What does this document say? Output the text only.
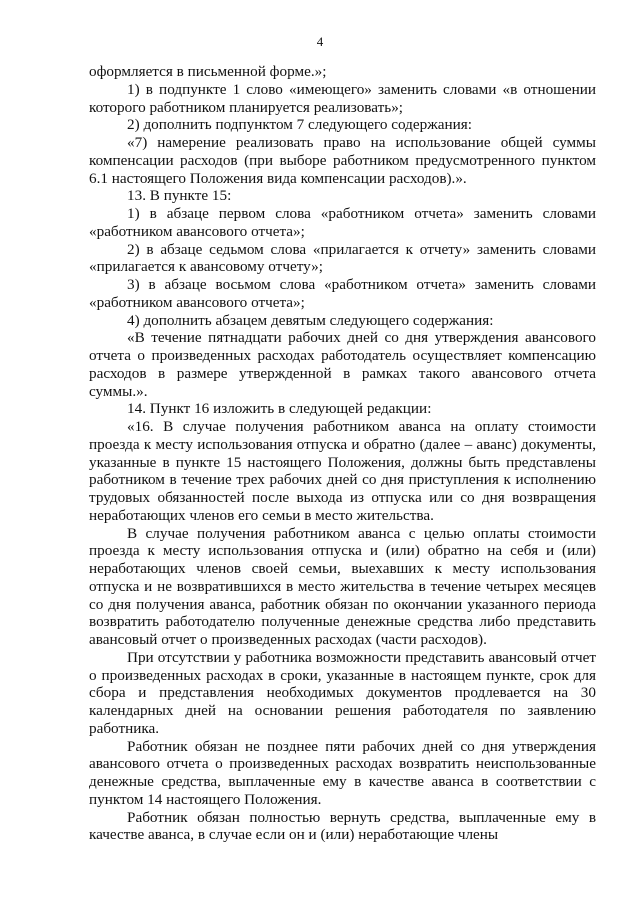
4

оформляется в письменной форме.»;

1) в подпункте 1 слово «имеющего» заменить словами «в отношении которого работником планируется реализовать»;

2) дополнить подпунктом 7 следующего содержания:

«7) намерение реализовать право на использование общей суммы компенсации расходов (при выборе работником предусмотренного пунктом 6.1 настоящего Положения вида компенсации расходов).».

13. В пункте 15:

1) в абзаце первом слова «работником отчета» заменить словами «работником авансового отчета»;

2) в абзаце седьмом слова «прилагается к отчету» заменить словами «прилагается к авансовому отчету»;

3) в абзаце восьмом слова «работником отчета» заменить словами «работником авансового отчета»;

4) дополнить абзацем девятым следующего содержания:

«В течение пятнадцати рабочих дней со дня утверждения авансового отчета о произведенных расходах работодатель осуществляет компенсацию расходов в размере утвержденной в рамках такого авансового отчета суммы.».

14. Пункт 16 изложить в следующей редакции:

«16. В случае получения работником аванса на оплату стоимости проезда к месту использования отпуска и обратно (далее – аванс) документы, указанные в пункте 15 настоящего Положения, должны быть представлены работником в течение трех рабочих дней со дня приступления к исполнению трудовых обязанностей после выхода из отпуска или со дня возвращения неработающих членов его семьи в место жительства.

В случае получения работником аванса с целью оплаты стоимости проезда к месту использования отпуска и (или) обратно на себя и (или) неработающих членов своей семьи, выехавших к месту использования отпуска и не возвратившихся в место жительства в течение четырех месяцев со дня получения аванса, работник обязан по окончании указанного периода возвратить работодателю полученные денежные средства либо представить авансовый отчет о произведенных расходах (части расходов).

При отсутствии у работника возможности представить авансовый отчет о произведенных расходах в сроки, указанные в настоящем пункте, срок для сбора и представления необходимых документов продлевается на 30 календарных дней на основании решения работодателя по заявлению работника.

Работник обязан не позднее пяти рабочих дней со дня утверждения авансового отчета о произведенных расходах возвратить неиспользованные денежные средства, выплаченные ему в качестве аванса в соответствии с пунктом 14 настоящего Положения.

Работник обязан полностью вернуть средства, выплаченные ему в качестве аванса, в случае если он и (или) неработающие члены
